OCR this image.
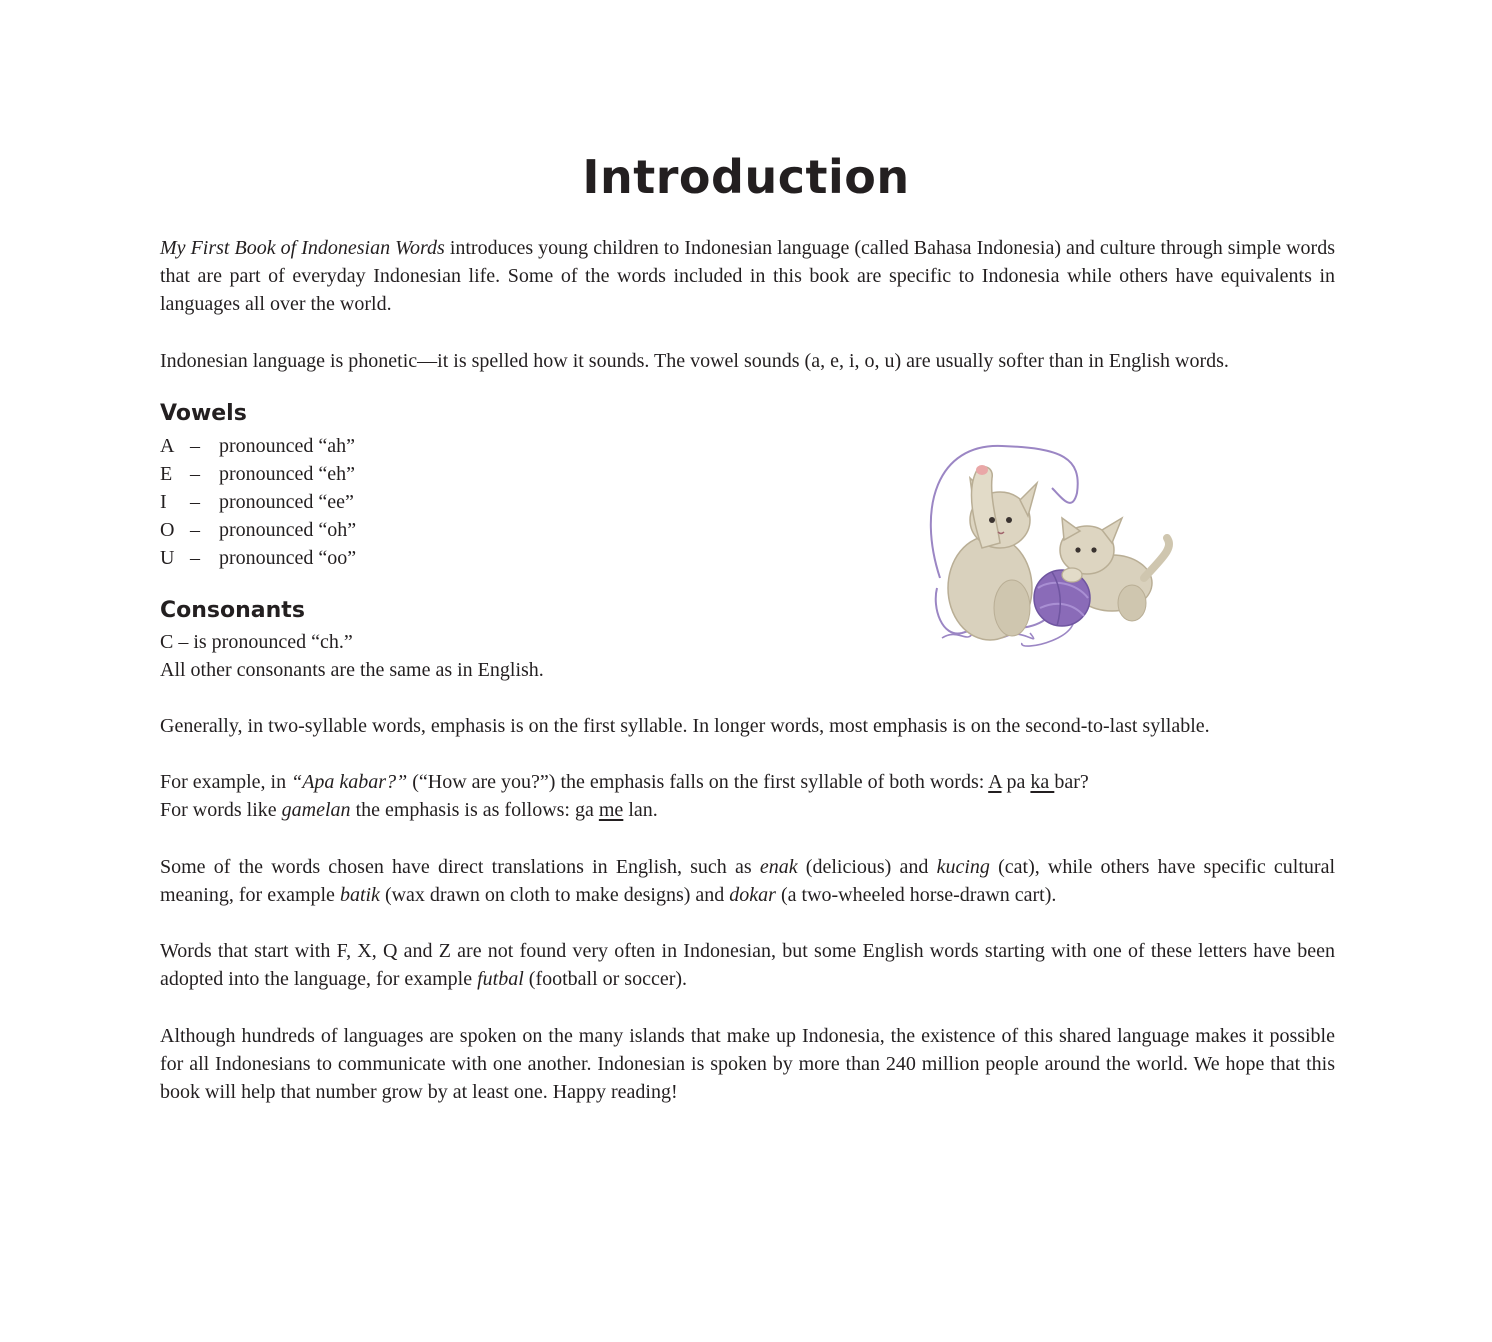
Introduction

My First Book of Indonesian Words introduces young children to Indonesian language (called Bahasa Indonesia) and culture through simple words that are part of everyday Indonesian life. Some of the words included in this book are specific to Indonesia while others have equivalents in languages all over the world.

Indonesian language is phonetic—it is spelled how it sounds. The vowel sounds (a, e, i, o, u) are usually softer than in English words.

Vowels
A – pronounced “ah”
E – pronounced “eh”
I	– pronounced “ee”
O – pronounced “oh”
U – pronounced “oo”
Consonants
C – is pronounced “ch.”
All other consonants are the same as in English.

Generally, in two-syllable words, emphasis is on the first syllable. In longer words, most emphasis is on the second-to-last syllable.

For example, in “Apa kabar?” (“How are you?”) the emphasis falls on the first syllable of both words: A pa ka bar?
For words like gamelan the emphasis is as follows: ga me lan.

Some of the words chosen have direct translations in English, such as enak (delicious) and kucing (cat), while others have specific cultural meaning, for example batik (wax drawn on cloth to make designs) and dokar (a two-wheeled horse-drawn cart).

Words that start with F, X, Q and Z are not found very often in Indonesian, but some English words starting with one of these letters have been adopted into the language, for example futbal (football or soccer).

Although hundreds of languages are spoken on the many islands that make up Indonesia, the existence of this shared language makes it possible for all Indonesians to communicate with one another. Indonesian is spoken by more than 240 million people around the world. We hope that this book will help that number grow by at least one. Happy reading!
